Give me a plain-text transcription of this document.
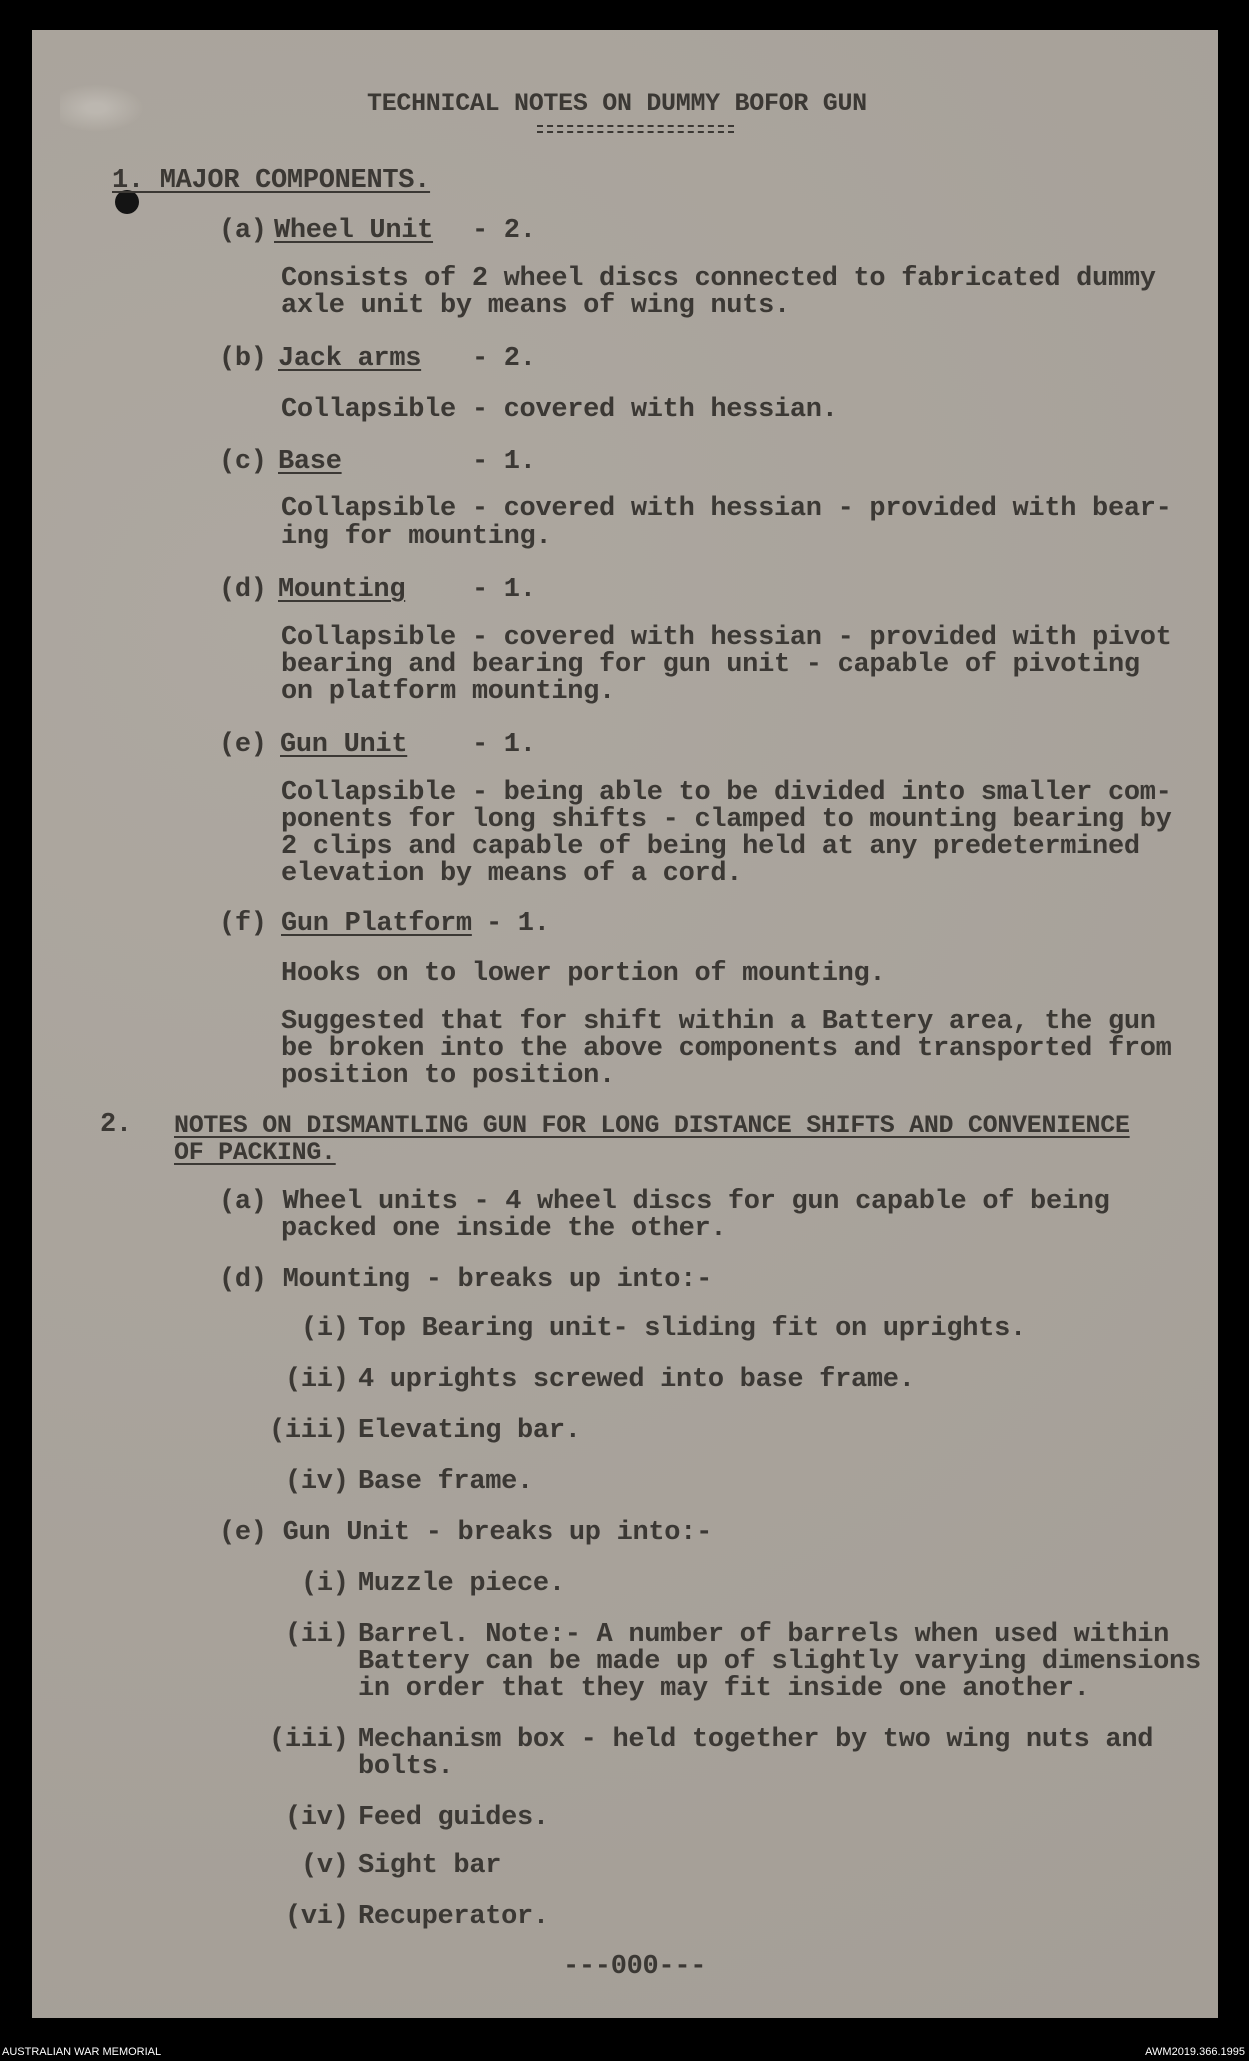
TECHNICAL NOTES ON DUMMY BOFOR GUN
1. MAJOR COMPONENTS.
(a) Wheel Unit - 2.
Consists of 2 wheel discs connected to fabricated dummy
axle unit by means of wing nuts.
(b) Jack arms - 2.
Collapsible - covered with hessian.
(c) Base	- 1.
Collapsible - covered with hessian - provided with bear-
ing for mounting.
(d) Mounting - 1.
Collapsible - covered with hessian - provided with pivot
bearing and bearing for gun unit - capable of pivoting
on platform mounting.
(e) Gun Unit - 1.
Collapsible - being able to be divided into smaller com-
ponents for long shifts - clamped to mounting bearing by
2 clips and capable of being held at any predetermined
elevation by means of a cord.
(f) Gun Platform - 1.
Hooks on to lower portion of mounting.
Suggested that for shift within a Battery area, the gun
be broken into the above components and transported from
position to position.
2. NOTES ON DISMANTLING GUN FOR LONG DISTANCE SHIFTS AND CONVENIENCE
OF PACKING.
(a) Wheel units - 4 wheel discs for gun capable of being
packed one inside the other.
(d) Mounting - breaks up into:-
(i) Top Bearing unit- sliding fit on uprights.
(ii) 4 uprights screwed into base frame.
(iii) Elevating bar.
(iv) Base frame.
(e) Gun Unit - breaks up into:-
(i) Muzzle piece.
(ii) Barrel. Note:- A number of barrels when used within
Battery can be made up of slightly varying dimensions
in order that they may fit inside one another.
(iii) Mechanism box - held together by two wing nuts and
bolts.
(iv) Feed guides.
(v) Sight bar
(vi) Recuperator.
---000---
AUSTRALIAN WAR MEMORIAL	AWM2019.366.1995
